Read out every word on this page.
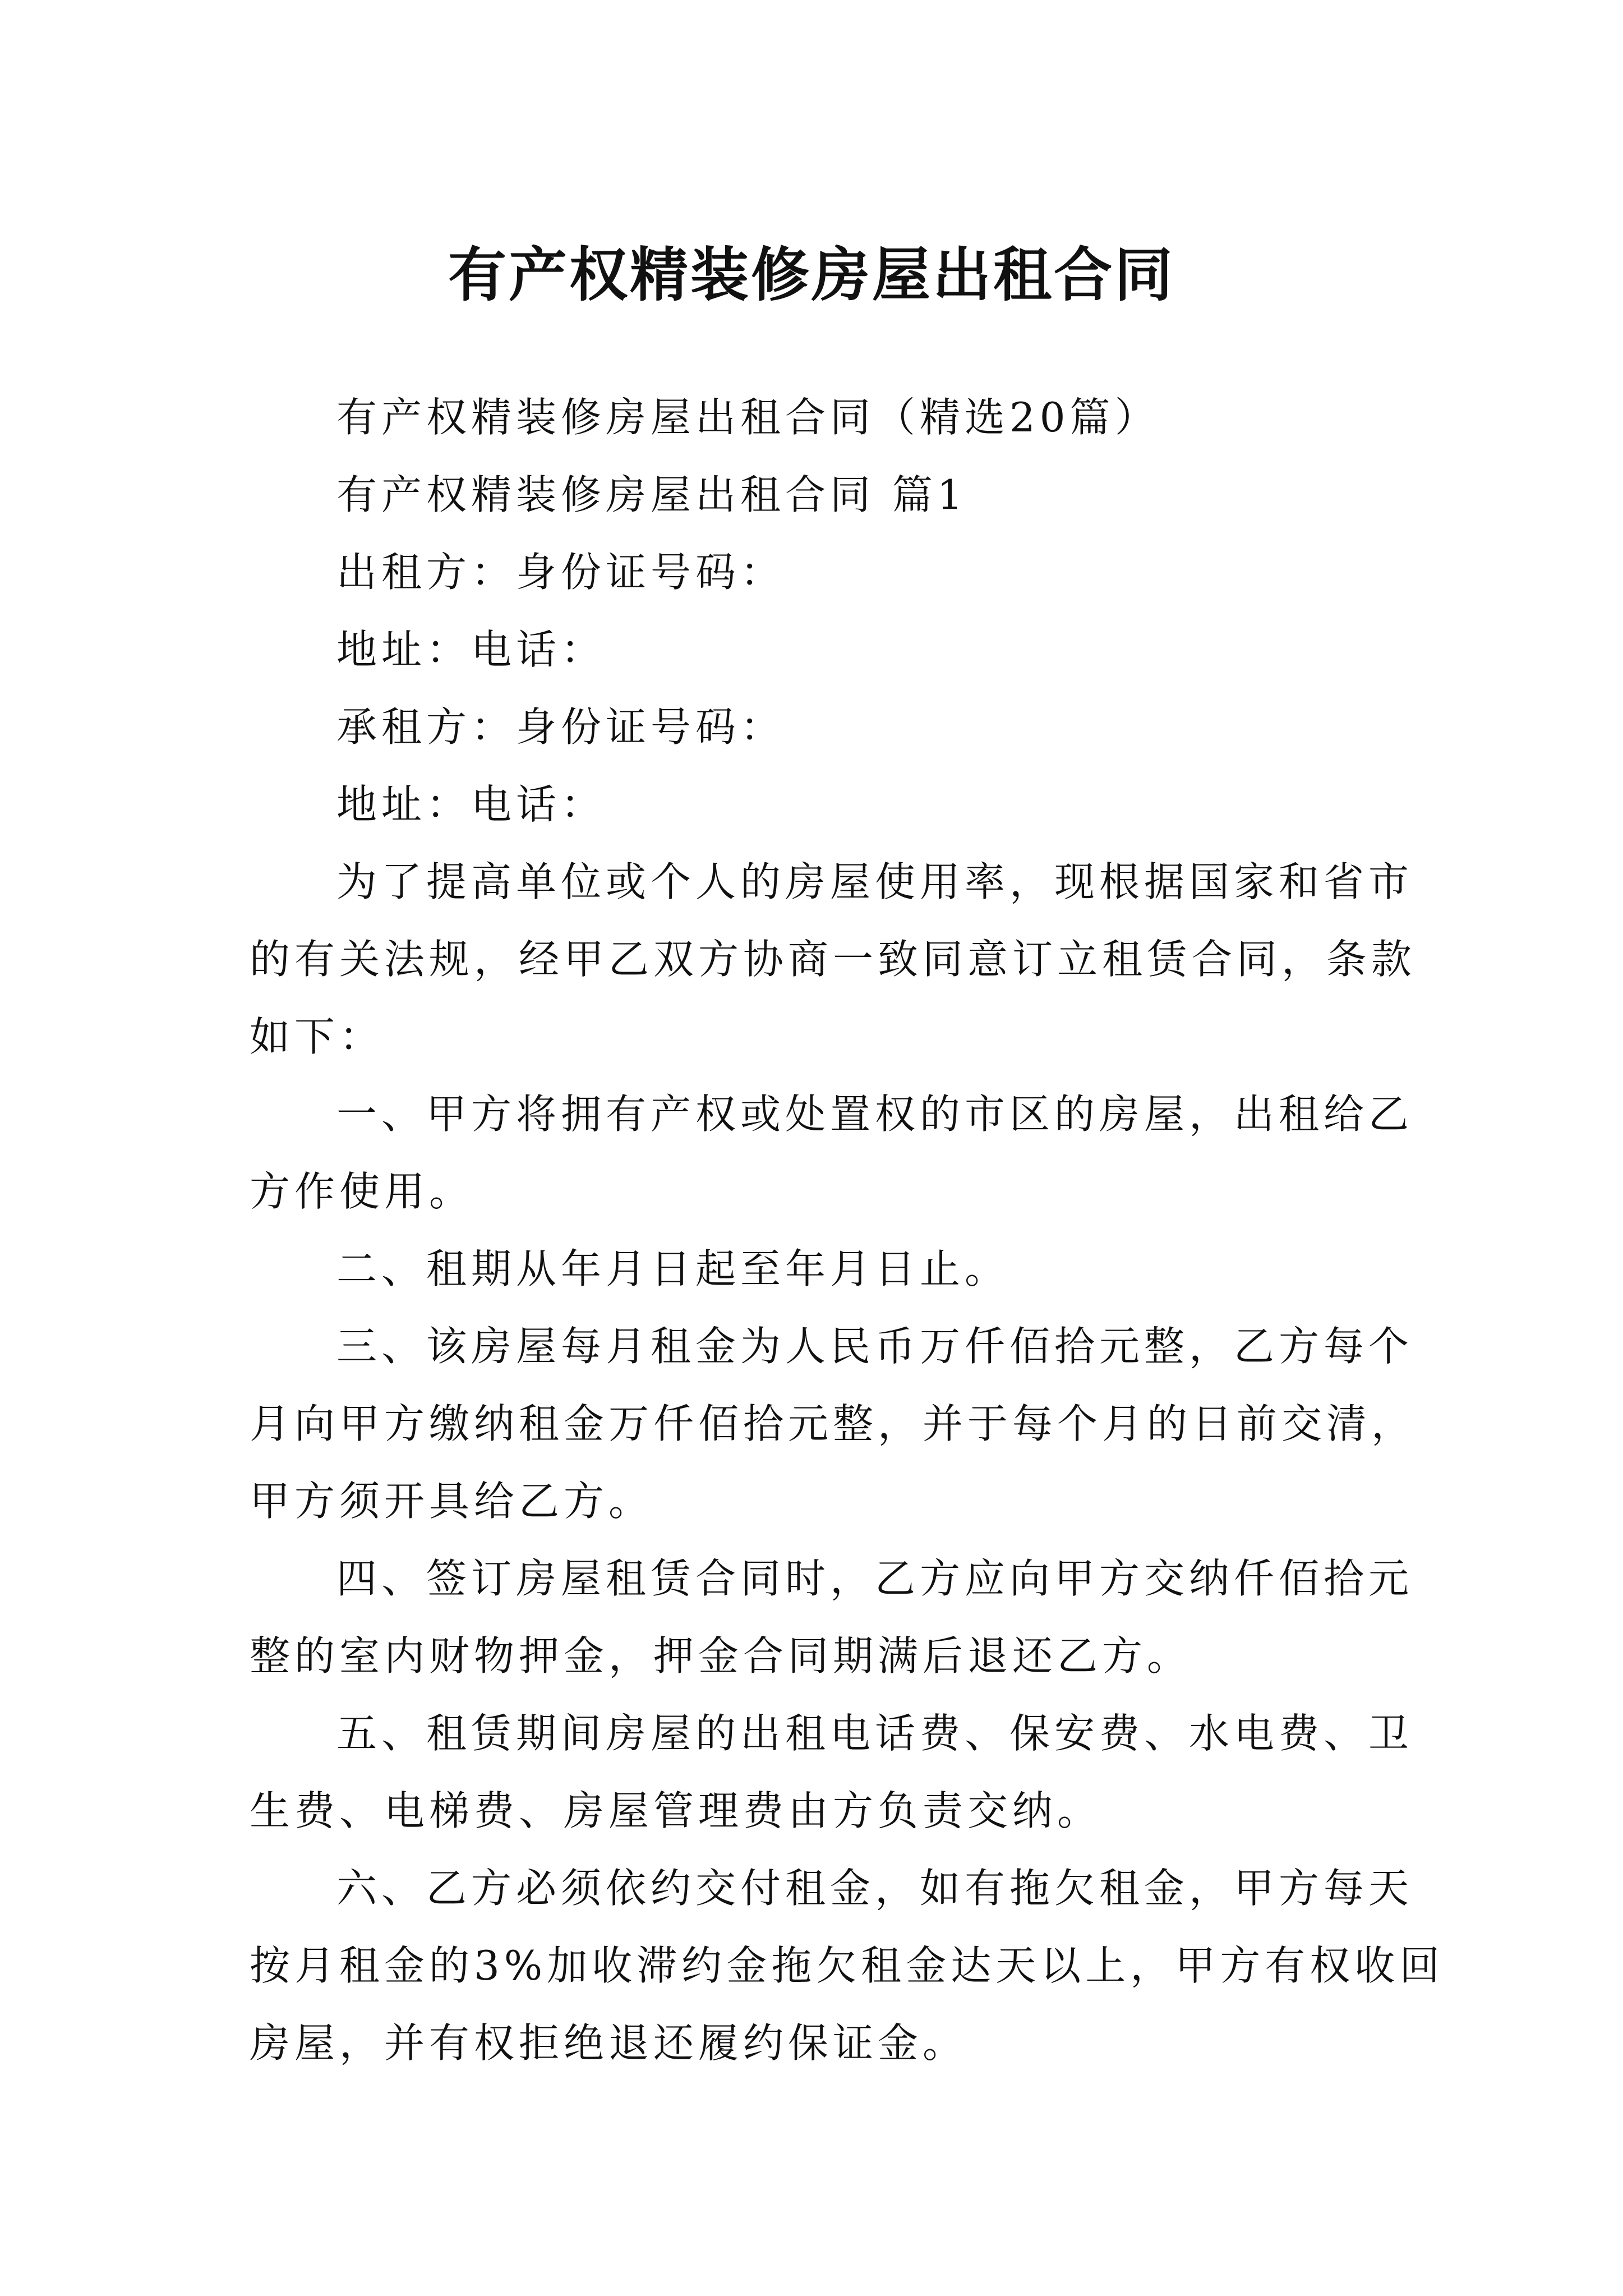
有产权精装修房屋出租合同

有产权精装修房屋出租合同（精选20篇）

有产权精装修房屋出租合同 篇1

出租方：身份证号码：

地址：电话：

承租方：身份证号码：

地址：电话：

为了提高单位或个人的房屋使用率，现根据国家和省市

的有关法规，经甲乙双方协商一致同意订立租赁合同，条款

如下：

一、甲方将拥有产权或处置权的市区的房屋，出租给乙

方作使用。

二、租期从年月日起至年月日止。

三、该房屋每月租金为人民币万仟佰拾元整，乙方每个

月向甲方缴纳租金万仟佰拾元整，并于每个月的日前交清，

甲方须开具给乙方。

四、签订房屋租赁合同时，乙方应向甲方交纳仟佰拾元

整的室内财物押金，押金合同期满后退还乙方。

五、租赁期间房屋的出租电话费、保安费、水电费、卫

生费、电梯费、房屋管理费由方负责交纳。

六、乙方必须依约交付租金，如有拖欠租金，甲方每天

按月租金的3%加收滞约金拖欠租金达天以上，甲方有权收回

房屋，并有权拒绝退还履约保证金。
